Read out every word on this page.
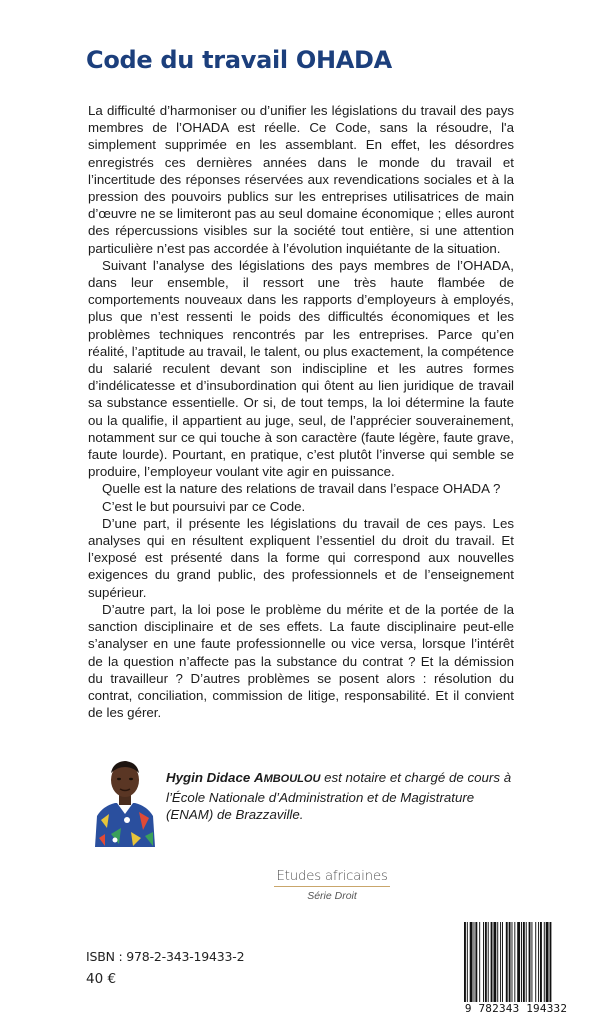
Code du travail OHADA

La difficulté d’harmoniser ou d’unifier les législations du travail des pays membres de l’OHADA est réelle. Ce Code, sans la résoudre, l'a simplement supprimée en les assemblant. En effet, les désordres enregistrés ces dernières années dans le monde du travail et l’incertitude des réponses réservées aux revendications sociales et à la pression des pouvoirs publics sur les entreprises utilisatrices de main d’œuvre ne se limiteront pas au seul domaine économique ; elles auront des répercussions visibles sur la société tout entière, si une attention particulière n’est pas accordée à l’évolution inquiétante de la situation.

Suivant l’analyse des législations des pays membres de l’OHADA, dans leur ensemble, il ressort une très haute flambée de comportements nouveaux dans les rapports d’employeurs à employés, plus que n’est ressenti le poids des difficultés économiques et les problèmes techniques rencontrés par les entreprises. Parce qu’en réalité, l’aptitude au travail, le talent, ou plus exactement, la compétence du salarié reculent devant son indiscipline et les autres formes d’indélicatesse et d’insubordination qui ôtent au lien juridique de travail sa substance essentielle. Or si, de tout temps, la loi détermine la faute ou la qualifie, il appartient au juge, seul, de l’apprécier souverainement, notamment sur ce qui touche à son caractère (faute légère, faute grave, faute lourde). Pourtant, en pratique, c’est plutôt l’inverse qui semble se produire, l’employeur voulant vite agir en puissance.

Quelle est la nature des relations de travail dans l’espace OHADA ?

C’est le but poursuivi par ce Code.

D’une part, il présente les législations du travail de ces pays. Les analyses qui en résultent expliquent l’essentiel du droit du travail. Et l’exposé est présenté dans la forme qui correspond aux nouvelles exigences du grand public, des professionnels et de l’enseignement supérieur.

D’autre part, la loi pose le problème du mérite et de la portée de la sanction disciplinaire et de ses effets. La faute disciplinaire peut-elle s’analyser en une faute professionnelle ou vice versa, lorsque l’intérêt de la question n’affecte pas la substance du contrat ? Et la démission du travailleur ? D’autres problèmes se posent alors : résolution du contrat, conciliation, commission de litige, responsabilité. Et il convient de les gérer.

Hygin Didace AMBOULOU est notaire et chargé de cours à l’École Nationale d’Administration et de Magistrature (ENAM) de Brazzaville.
Etudes africaines
Série Droit
ISBN : 978-2-343-19433-2
40 €
9 782343 194332
